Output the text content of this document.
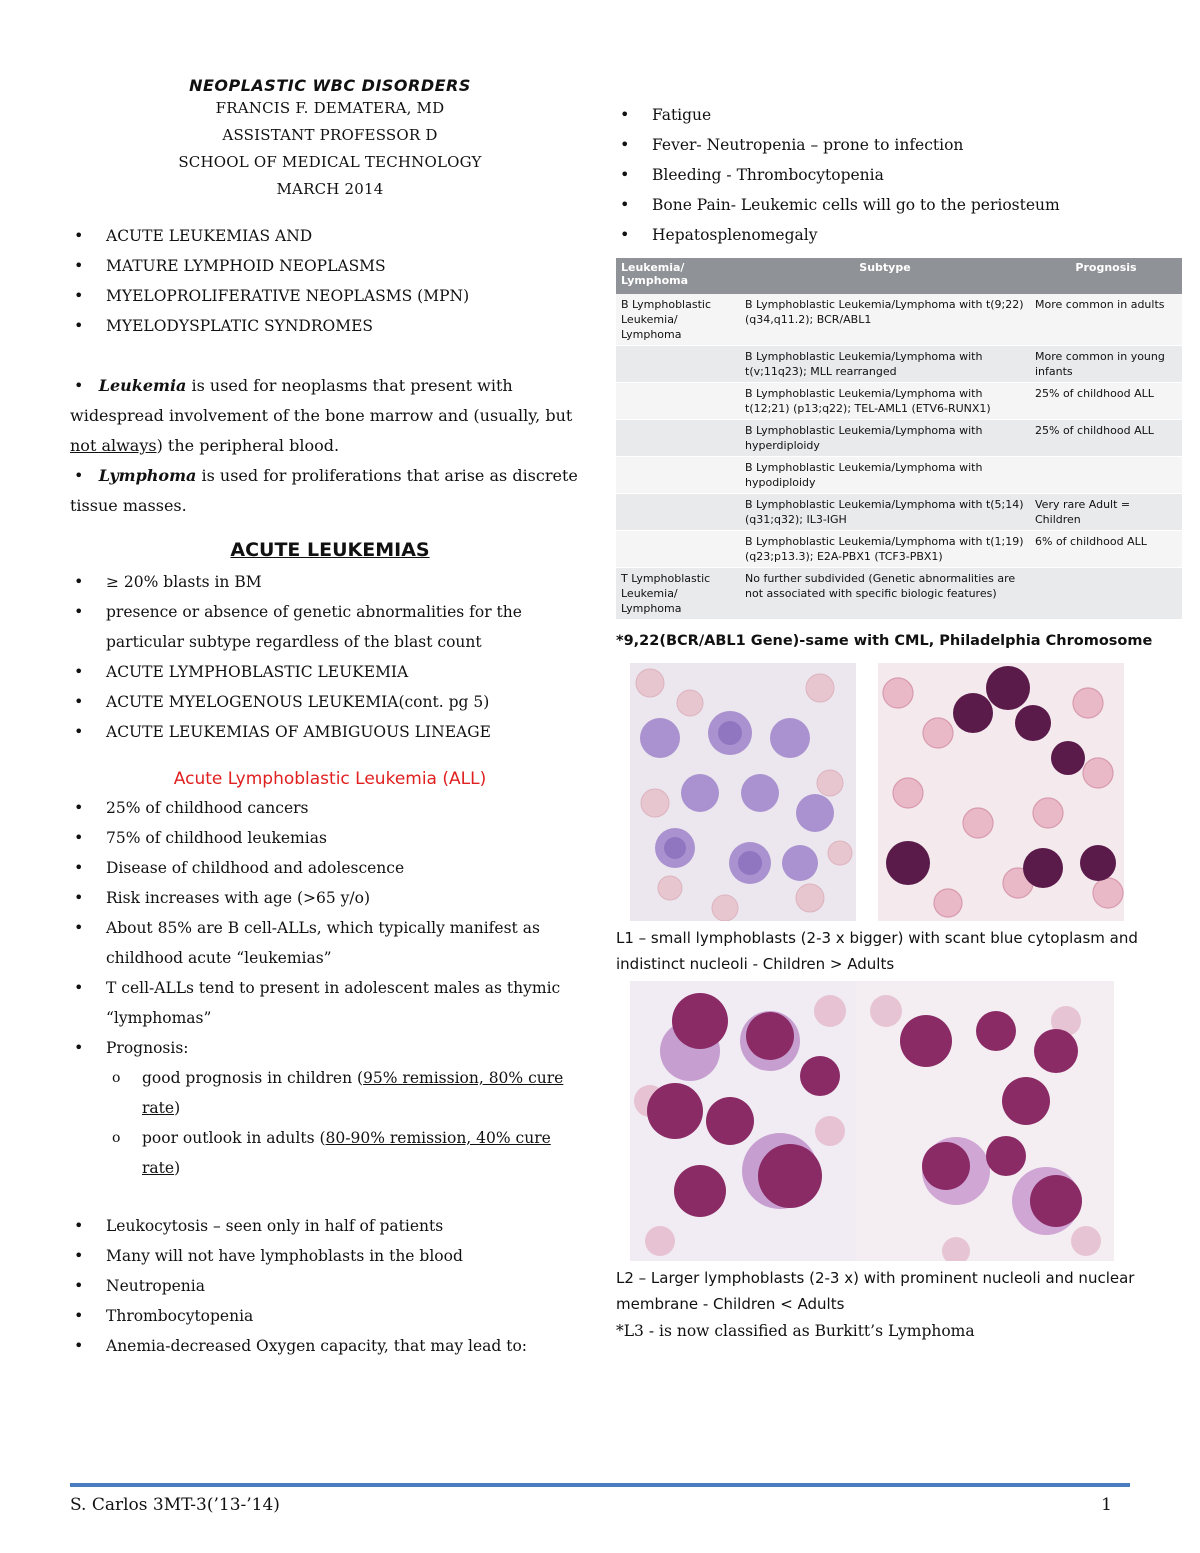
NEOPLASTIC WBC DISORDERS
FRANCIS F. DEMATERA, MD
ASSISTANT PROFESSOR D
SCHOOL OF MEDICAL TECHNOLOGY
MARCH 2014
• ACUTE LEUKEMIAS AND
• MATURE LYMPHOID NEOPLASMS
• MYELOPROLIFERATIVE NEOPLASMS (MPN)
• MYELODYSPLATIC SYNDROMES
•   Leukemia is used for neoplasms that present with widespread involvement of the bone marrow and (usually, but not always) the peripheral blood.
•   Lymphoma is used for proliferations that arise as discrete tissue masses.
ACUTE LEUKEMIAS
• ≥ 20% blasts in BM
• presence or absence of genetic abnormalities for the particular subtype regardless of the blast count
• ACUTE LYMPHOBLASTIC LEUKEMIA
• ACUTE MYELOGENOUS LEUKEMIA(cont. pg 5)
• ACUTE LEUKEMIAS OF AMBIGUOUS LINEAGE
Acute Lymphoblastic Leukemia (ALL)
• 25% of childhood cancers
• 75% of childhood leukemias
• Disease of childhood and adolescence
• Risk increases with age (>65 y/o)
• About 85% are B cell-ALLs, which typically manifest as childhood acute “leukemias”
• T cell-ALLs tend to present in adolescent males as thymic “lymphomas”
• Prognosis:
o good prognosis in children (95% remission, 80% cure rate)
o poor outlook in adults (80-90% remission, 40% cure rate)
• Leukocytosis – seen only in half of patients
• Many will not have lymphoblasts in the blood
• Neutropenia
• Thrombocytopenia
• Anemia-decreased Oxygen capacity, that may lead to:
• Fatigue
• Fever- Neutropenia – prone to infection
• Bleeding - Thrombocytopenia
• Bone Pain- Leukemic cells will go to the periosteum
• Hepatosplenomegaly
Leukemia/ Lymphoma	Subtype	Prognosis
B Lymphoblastic Leukemia/ Lymphoma	B Lymphoblastic Leukemia/Lymphoma with t(9;22) (q34,q11.2); BCR/ABL1	More common in adults
	B Lymphoblastic Leukemia/Lymphoma with t(v;11q23); MLL rearranged	More common in young infants
	B Lymphoblastic Leukemia/Lymphoma with t(12;21) (p13;q22); TEL-AML1 (ETV6-RUNX1)	25% of childhood ALL
	B Lymphoblastic Leukemia/Lymphoma with hyperdiploidy	25% of childhood ALL
	B Lymphoblastic Leukemia/Lymphoma with hypodiploidy	
	B Lymphoblastic Leukemia/Lymphoma with t(5;14) (q31;q32); IL3-IGH	Very rare Adult = Children
	B Lymphoblastic Leukemia/Lymphoma with t(1;19) (q23;p13.3); E2A-PBX1 (TCF3-PBX1)	6% of childhood ALL
T Lymphoblastic Leukemia/ Lymphoma	No further subdivided (Genetic abnormalities are not associated with specific biologic features)	
*9,22(BCR/ABL1 Gene)-same with CML, Philadelphia Chromosome
L1 – small lymphoblasts (2-3 x bigger) with scant blue cytoplasm and indistinct nucleoli - Children > Adults
L2 – Larger lymphoblasts (2-3 x) with prominent nucleoli and nuclear membrane - Children < Adults
*L3 - is now classified as Burkitt’s Lymphoma
S. Carlos 3MT-3(’13-’14)	1
